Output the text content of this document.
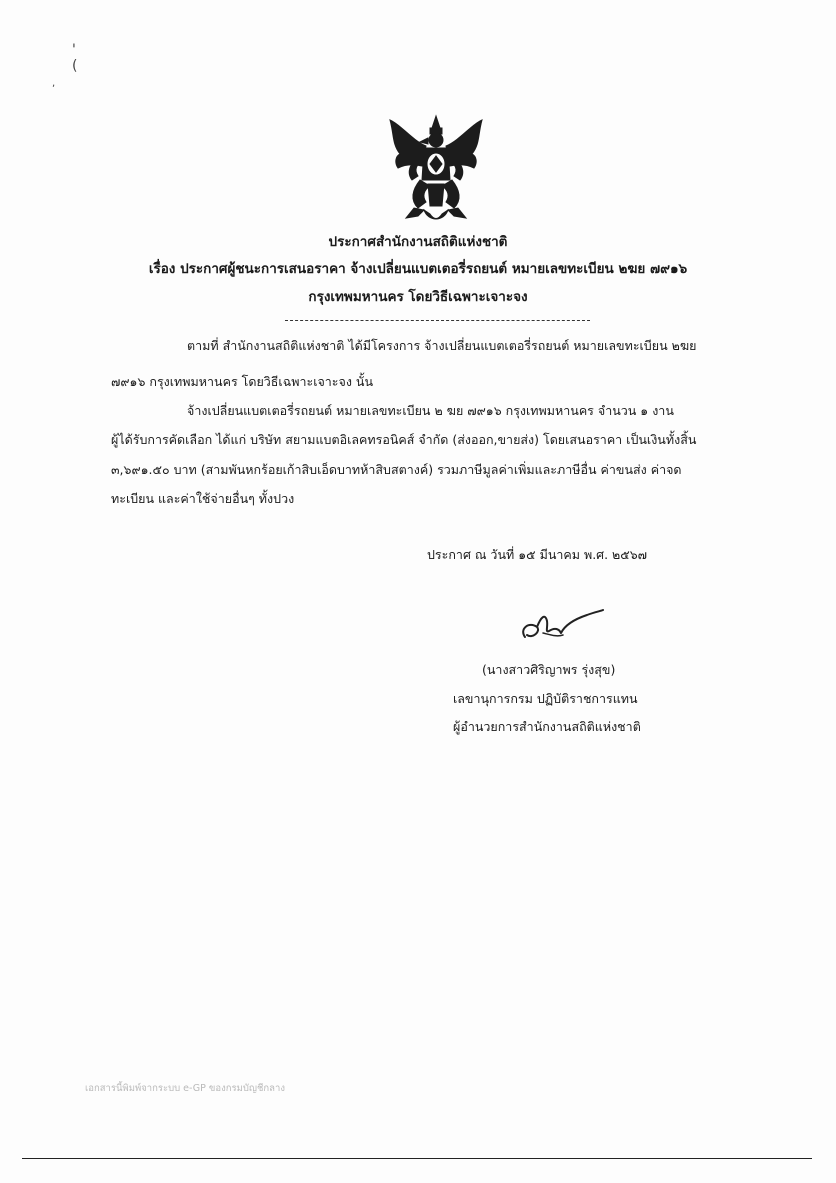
'
(
,
ประกาศสำนักงานสถิติแห่งชาติ
เรื่อง ประกาศผู้ชนะการเสนอราคา จ้างเปลี่ยนแบตเตอรี่รถยนต์ หมายเลขทะเบียน ๒ฆย ๗๙๑๖
กรุงเทพมหานคร โดยวิธีเฉพาะเจาะจง
ตามที่ สำนักงานสถิติแห่งชาติ ได้มีโครงการ จ้างเปลี่ยนแบตเตอรี่รถยนต์ หมายเลขทะเบียน ๒ฆย
๗๙๑๖ กรุงเทพมหานคร โดยวิธีเฉพาะเจาะจง นั้น
จ้างเปลี่ยนแบตเตอรี่รถยนต์ หมายเลขทะเบียน ๒ ฆย ๗๙๑๖ กรุงเทพมหานคร จำนวน ๑ งาน
ผู้ได้รับการคัดเลือก ได้แก่ บริษัท สยามแบตอิเลคทรอนิคส์ จำกัด (ส่งออก,ขายส่ง) โดยเสนอราคา เป็นเงินทั้งสิ้น
๓,๖๙๑.๕๐ บาท (สามพันหกร้อยเก้าสิบเอ็ดบาทห้าสิบสตางค์) รวมภาษีมูลค่าเพิ่มและภาษีอื่น ค่าขนส่ง ค่าจด
ทะเบียน และค่าใช้จ่ายอื่นๆ ทั้งปวง
ประกาศ ณ วันที่ ๑๕ มีนาคม พ.ศ. ๒๕๖๗
(นางสาวศิริญาพร รุ่งสุข)
เลขานุการกรม ปฏิบัติราชการแทน
ผู้อำนวยการสำนักงานสถิติแห่งชาติ
เอกสารนี้พิมพ์จากระบบ e-GP ของกรมบัญชีกลาง
